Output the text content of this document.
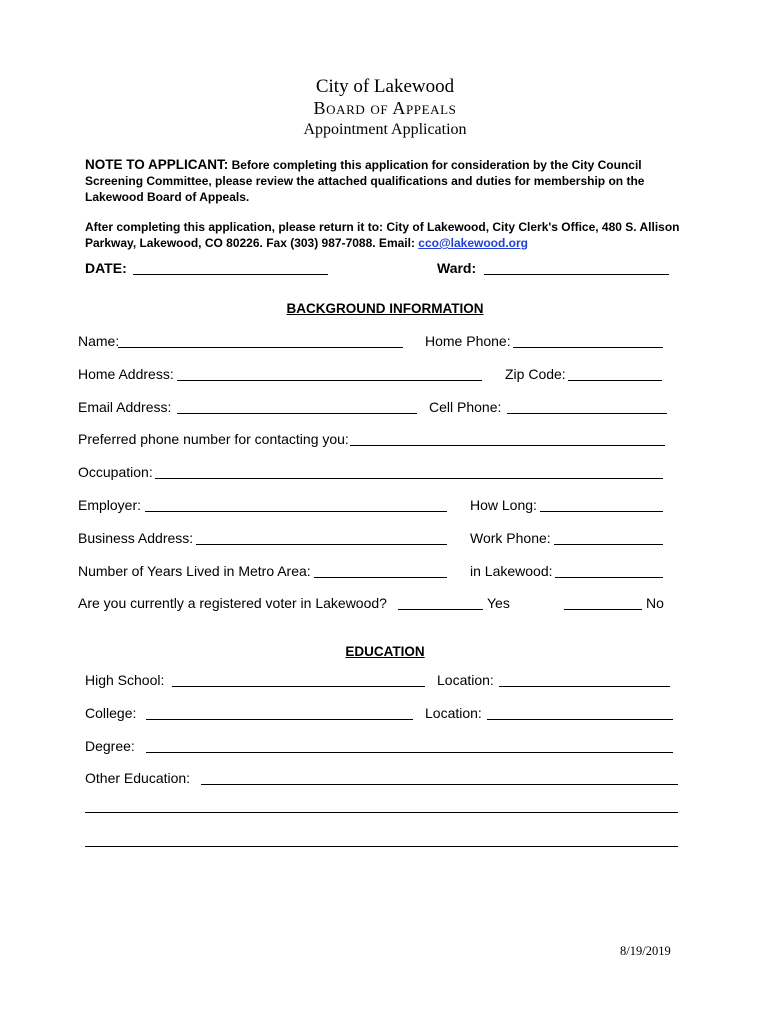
City of Lakewood
Board of Appeals
Appointment Application
NOTE TO APPLICANT: Before completing this application for consideration by the City Council Screening Committee, please review the attached qualifications and duties for membership on the Lakewood Board of Appeals.
After completing this application, please return it to: City of Lakewood, City Clerk's Office, 480 S. Allison Parkway, Lakewood, CO 80226. Fax (303) 987-7088. Email: cco@lakewood.org
DATE:	Ward:
BACKGROUND INFORMATION
Name:	Home Phone:
Home Address:	Zip Code:
Email Address:	Cell Phone:
Preferred phone number for contacting you:
Occupation:
Employer:	How Long:
Business Address:	Work Phone:
Number of Years Lived in Metro Area:	in Lakewood:
Are you currently a registered voter in Lakewood?	Yes	No
EDUCATION
High School:	Location:
College:	Location:
Degree:
Other Education:
8/19/2019
